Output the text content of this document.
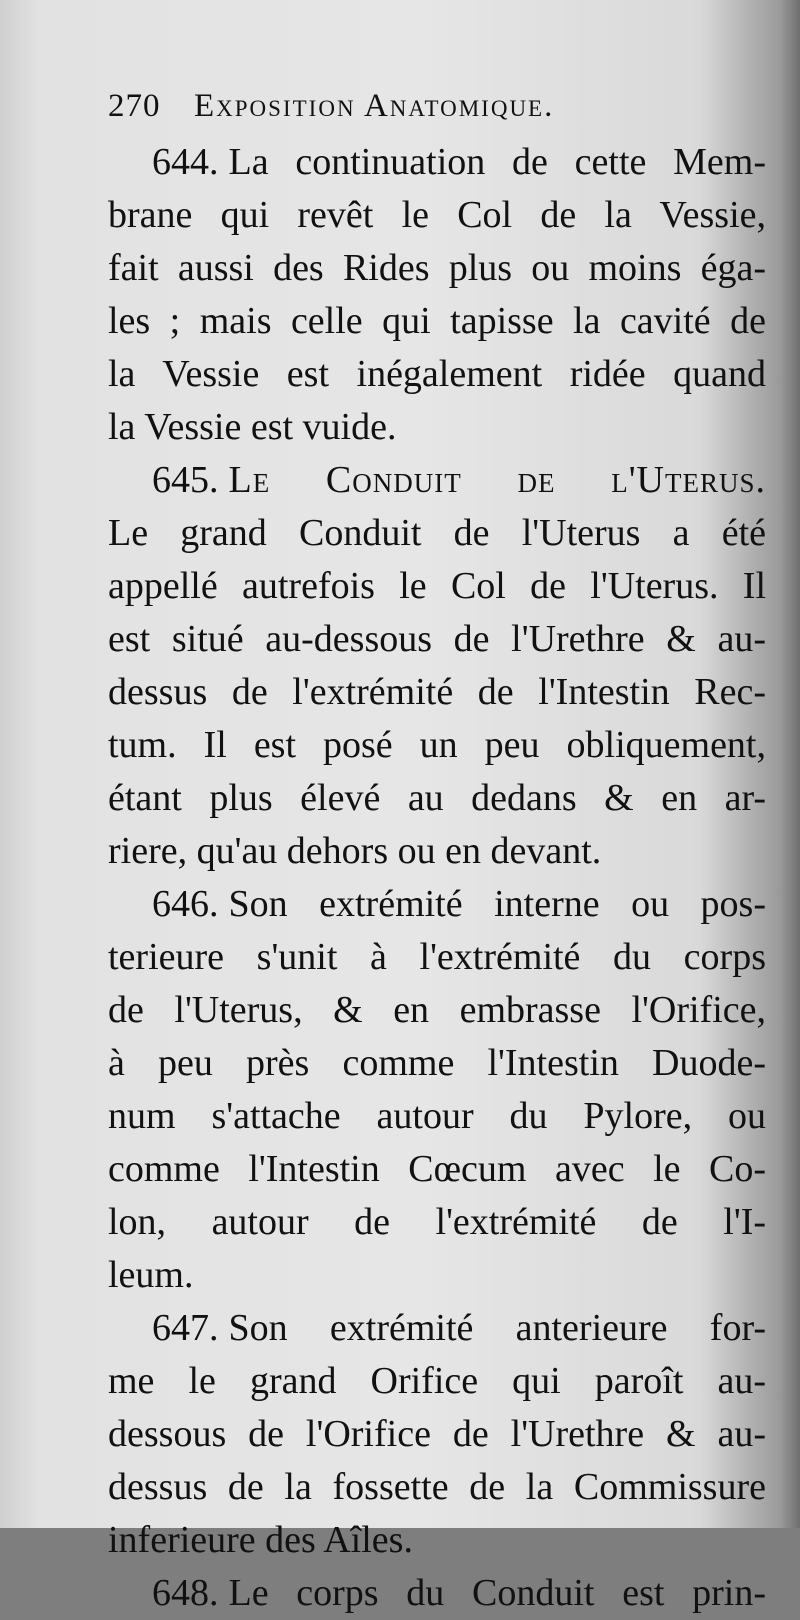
270 Exposition Anatomique.
644. La continuation de cette Mem-
brane qui revêt le Col de la Vessie,
fait aussi des Rides plus ou moins éga-
les ; mais celle qui tapisse la cavité de
la Vessie est inégalement ridée quand
la Vessie est vuide.
645. Le Conduit de l'Uterus.
Le grand Conduit de l'Uterus a été
appellé autrefois le Col de l'Uterus. Il
est situé au-dessous de l'Urethre & au-
dessus de l'extrémité de l'Intestin Rec-
tum. Il est posé un peu obliquement,
étant plus élevé au dedans & en ar-
riere, qu'au dehors ou en devant.
646. Son extrémité interne ou pos-
terieure s'unit à l'extrémité du corps
de l'Uterus, & en embrasse l'Orifice,
à peu près comme l'Intestin Duode-
num s'attache autour du Pylore, ou
comme l'Intestin Cœcum avec le Co-
lon, autour de l'extrémité de l'I-
leum.
647. Son extrémité anterieure for-
me le grand Orifice qui paroît au-
dessous de l'Orifice de l'Urethre & au-
dessus de la fossette de la Commissure
inferieure des Aîles.
648. Le corps du Conduit est prin-
